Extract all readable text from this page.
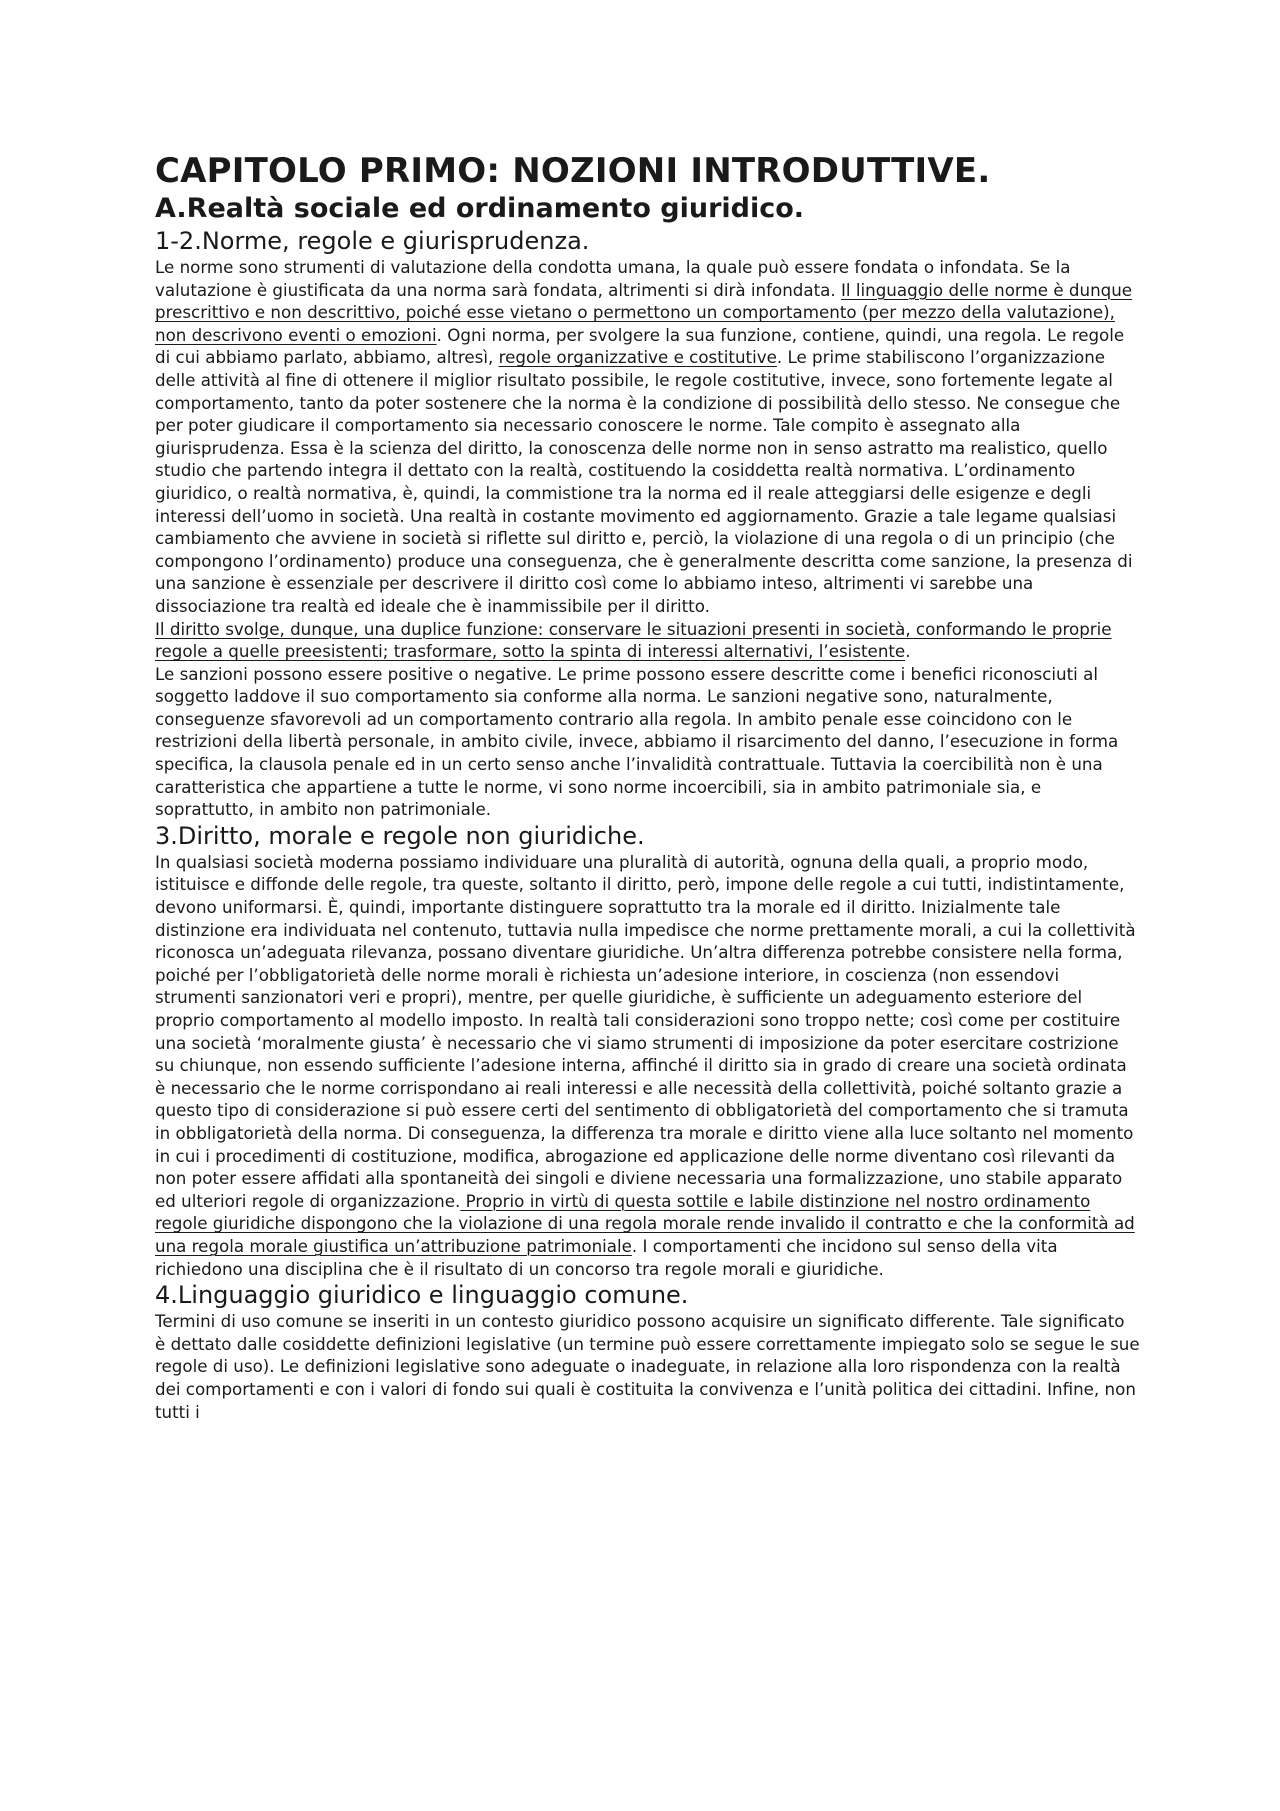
CAPITOLO PRIMO: NOZIONI INTRODUTTIVE.
A.Realtà sociale ed ordinamento giuridico.
1-2.Norme, regole e giurisprudenza.

Le norme sono strumenti di valutazione della condotta umana, la quale può essere fondata o infondata. Se la valutazione è giustificata da una norma sarà fondata, altrimenti si dirà infondata. Il linguaggio delle norme è dunque prescrittivo e non descrittivo, poiché esse vietano o permettono un comportamento (per mezzo della valutazione), non descrivono eventi o emozioni. Ogni norma, per svolgere la sua funzione, contiene, quindi, una regola. Le regole di cui abbiamo parlato, abbiamo, altresì, regole organizzative e costitutive. Le prime stabiliscono l’organizzazione delle attività al fine di ottenere il miglior risultato possibile, le regole costitutive, invece, sono fortemente legate al comportamento, tanto da poter sostenere che la norma è la condizione di possibilità dello stesso. Ne consegue che per poter giudicare il comportamento sia necessario conoscere le norme. Tale compito è assegnato alla giurisprudenza. Essa è la scienza del diritto, la conoscenza delle norme non in senso astratto ma realistico, quello studio che partendo integra il dettato con la realtà, costituendo la cosiddetta realtà normativa. L’ordinamento giuridico, o realtà normativa, è, quindi, la commistione tra la norma ed il reale atteggiarsi delle esigenze e degli interessi dell’uomo in società. Una realtà in costante movimento ed aggiornamento. Grazie a tale legame qualsiasi cambiamento che avviene in società si riflette sul diritto e, perciò, la violazione di una regola o di un principio (che compongono l’ordinamento) produce una conseguenza, che è generalmente descritta come sanzione, la presenza di una sanzione è essenziale per descrivere il diritto così come lo abbiamo inteso, altrimenti vi sarebbe una dissociazione tra realtà ed ideale che è inammissibile per il diritto.

Il diritto svolge, dunque, una duplice funzione: conservare le situazioni presenti in società, conformando le proprie regole a quelle preesistenti; trasformare, sotto la spinta di interessi alternativi, l’esistente.

Le sanzioni possono essere positive o negative. Le prime possono essere descritte come i benefici riconosciuti al soggetto laddove il suo comportamento sia conforme alla norma. Le sanzioni negative sono, naturalmente, conseguenze sfavorevoli ad un comportamento contrario alla regola. In ambito penale esse coincidono con le restrizioni della libertà personale, in ambito civile, invece, abbiamo il risarcimento del danno, l’esecuzione in forma specifica, la clausola penale ed in un certo senso anche l’invalidità contrattuale. Tuttavia la coercibilità non è una caratteristica che appartiene a tutte le norme, vi sono norme incoercibili, sia in ambito patrimoniale sia, e soprattutto, in ambito non patrimoniale.

3.Diritto, morale e regole non giuridiche.

In qualsiasi società moderna possiamo individuare una pluralità di autorità, ognuna della quali, a proprio modo, istituisce e diffonde delle regole, tra queste, soltanto il diritto, però, impone delle regole a cui tutti, indistintamente, devono uniformarsi. È, quindi, importante distinguere soprattutto tra la morale ed il diritto. Inizialmente tale distinzione era individuata nel contenuto, tuttavia nulla impedisce che norme prettamente morali, a cui la collettività riconosca un’adeguata rilevanza, possano diventare giuridiche. Un’altra differenza potrebbe consistere nella forma, poiché per l’obbligatorietà delle norme morali è richiesta un’adesione interiore, in coscienza (non essendovi strumenti sanzionatori veri e propri), mentre, per quelle giuridiche, è sufficiente un adeguamento esteriore del proprio comportamento al modello imposto. In realtà tali considerazioni sono troppo nette; così come per costituire una società ‘moralmente giusta’ è necessario che vi siamo strumenti di imposizione da poter esercitare costrizione su chiunque, non essendo sufficiente l’adesione interna, affinché il diritto sia in grado di creare una società ordinata è necessario che le norme corrispondano ai reali interessi e alle necessità della collettività, poiché soltanto grazie a questo tipo di considerazione si può essere certi del sentimento di obbligatorietà del comportamento che si tramuta in obbligatorietà della norma. Di conseguenza, la differenza tra morale e diritto viene alla luce soltanto nel momento in cui i procedimenti di costituzione, modifica, abrogazione ed applicazione delle norme diventano così rilevanti da non poter essere affidati alla spontaneità dei singoli e diviene necessaria una formalizzazione, uno stabile apparato ed ulteriori regole di organizzazione. Proprio in virtù di questa sottile e labile distinzione nel nostro ordinamento regole giuridiche dispongono che la violazione di una regola morale rende invalido il contratto e che la conformità ad una regola morale giustifica un’attribuzione patrimoniale. I comportamenti che incidono sul senso della vita richiedono una disciplina che è il risultato di un concorso tra regole morali e giuridiche.

4.Linguaggio giuridico e linguaggio comune.

Termini di uso comune se inseriti in un contesto giuridico possono acquisire un significato differente. Tale significato è dettato dalle cosiddette definizioni legislative (un termine può essere correttamente impiegato solo se segue le sue regole di uso). Le definizioni legislative sono adeguate o inadeguate, in relazione alla loro rispondenza con la realtà dei comportamenti e con i valori di fondo sui quali è costituita la convivenza e l’unità politica dei cittadini. Infine, non tutti i
